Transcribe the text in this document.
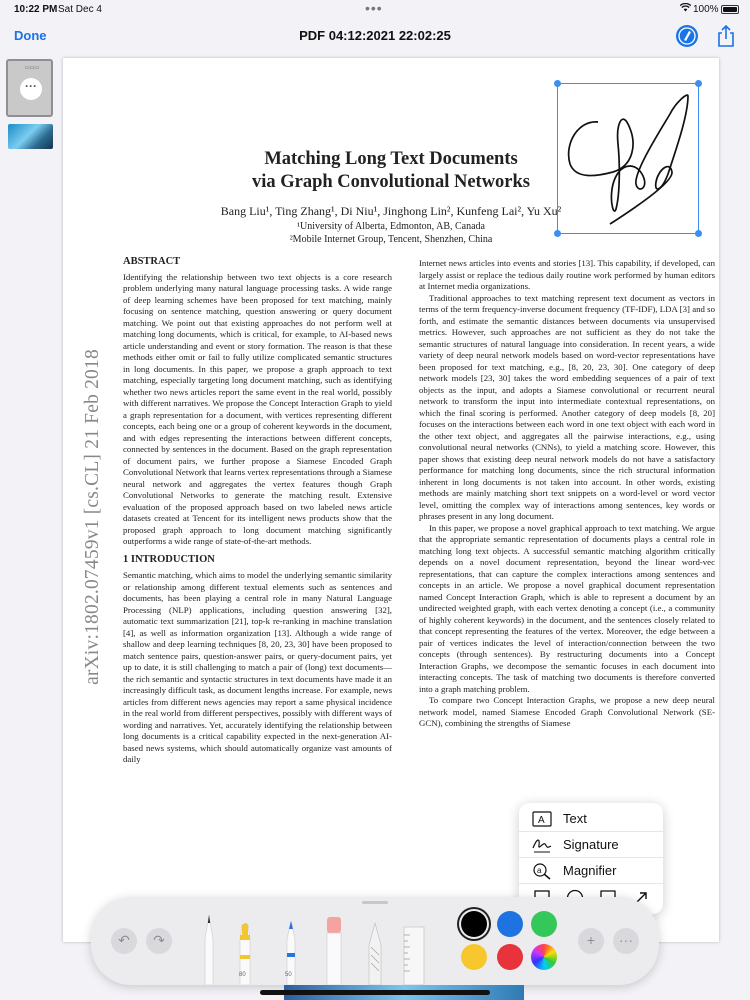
10:22 PM Sat Dec 4	•••	100%
Done	PDF 04:12:2021 22:02:25
▭▭▭
···
arXiv:1802.07459v1 [cs.CL] 21 Feb 2018
Matching Long Text Documents
via Graph Convolutional Networks
Bang Liu¹, Ting Zhang¹, Di Niu¹, Jinghong Lin², Kunfeng Lai², Yu Xu²
¹University of Alberta, Edmonton, AB, Canada
²Mobile Internet Group, Tencent, Shenzhen, China
ABSTRACT

Identifying the relationship between two text objects is a core research problem underlying many natural language processing tasks. A wide range of deep learning schemes have been proposed for text matching, mainly focusing on sentence matching, question answering or query document matching. We point out that existing approaches do not perform well at matching long documents, which is critical, for example, to AI-based news article understanding and event or story formation. The reason is that these methods either omit or fail to fully utilize complicated semantic structures in long documents. In this paper, we propose a graph approach to text matching, especially targeting long document matching, such as identifying whether two news articles report the same event in the real world, possibly with different narratives. We propose the Concept Interaction Graph to yield a graph representation for a document, with vertices representing different concepts, each being one or a group of coherent keywords in the document, and with edges representing the interactions between different concepts, connected by sentences in the document. Based on the graph representation of document pairs, we further propose a Siamese Encoded Graph Convolutional Network that learns vertex representations through a Siamese neural network and aggregates the vertex features though Graph Convolutional Networks to generate the matching result. Extensive evaluation of the proposed approach based on two labeled news article datasets created at Tencent for its intelligent news products show that the proposed graph approach to long document matching significantly outperforms a wide range of state-of-the-art methods.

1 INTRODUCTION

Semantic matching, which aims to model the underlying semantic similarity or relationship among different textual elements such as sentences and documents, has been playing a central role in many Natural Language Processing (NLP) applications, including question answering [32], automatic text summarization [21], top-k re-ranking in machine translation [4], as well as information organization [13]. Although a wide range of shallow and deep learning techniques [8, 20, 23, 30] have been proposed to match sentence pairs, question-answer pairs, or query-document pairs, yet up to date, it is still challenging to match a pair of (long) text documents—the rich semantic and syntactic structures in text documents have made it an increasingly difficult task, as document lengths increase. For example, news articles from different news agencies may report a same physical incidence in the real world from different perspectives, possibly with different ways of wording and narratives. Yet, accurately identifying the relationship between long documents is a critical capability expected in the next-generation AI-based news systems, which should automatically organize vast amounts of daily

Internet news articles into events and stories [13]. This capability, if developed, can largely assist or replace the tedious daily routine work performed by human editors at Internet media organizations.

Traditional approaches to text matching represent text document as vectors in terms of the term frequency-inverse document frequency (TF-IDF), LDA [3] and so forth, and estimate the semantic distances between documents via unsupervised metrics. However, such approaches are not sufficient as they do not take the semantic structures of natural language into consideration. In recent years, a wide variety of deep neural network models based on word-vector representations have been proposed for text matching, e.g., [8, 20, 23, 30]. One category of deep network models [23, 30] takes the word embedding sequences of a pair of text objects as the input, and adopts a Siamese convolutional or recurrent neural network to transform the input into intermediate contextual representations, on which the final scoring is performed. Another category of deep models [8, 20] focuses on the interactions between each word in one text object with each word in the other text object, and aggregates all the pairwise interactions, e.g., using convolutional neural networks (CNNs), to yield a matching score. However, this paper shows that existing deep neural network models do not have a satisfactory performance for matching long documents, since the rich structural information inherent in long documents is not taken into account. In other words, existing methods are mainly matching short text snippets on a word-level or word vector level, omitting the complex way of interactions among sentences, key words or phrases present in any long document.

In this paper, we propose a novel graphical approach to text matching. We argue that the appropriate semantic representation of documents plays a central role in matching long text objects. A successful semantic matching algorithm critically depends on a novel document representation, beyond the linear word-vec representations, that can capture the complex interactions among sentences and concepts in an article. We propose a novel graphical document representation named Concept Interaction Graph, which is able to represent a document by an undirected weighted graph, with each vertex denoting a concept (i.e., a community of highly coherent keywords) in the document, and the sentences closely related to that concept representing the features of the vertex. Moreover, the edge between a pair of vertices indicates the level of interaction/connection between the two concepts (through sentences). By restructuring documents into a Concept Interaction Graphs, we decompose the semantic focuses in each document into interacting concepts. The task of matching two documents is therefore converted into a graph matching problem.

To compare two Concept Interaction Graphs, we propose a new deep neural network model, named Siamese Encoded Graph Convolutional Network (SE-GCN), combining the strengths of Siamese

A Text
Signature
a Magnifier
↶	↷
80	50
+	···
